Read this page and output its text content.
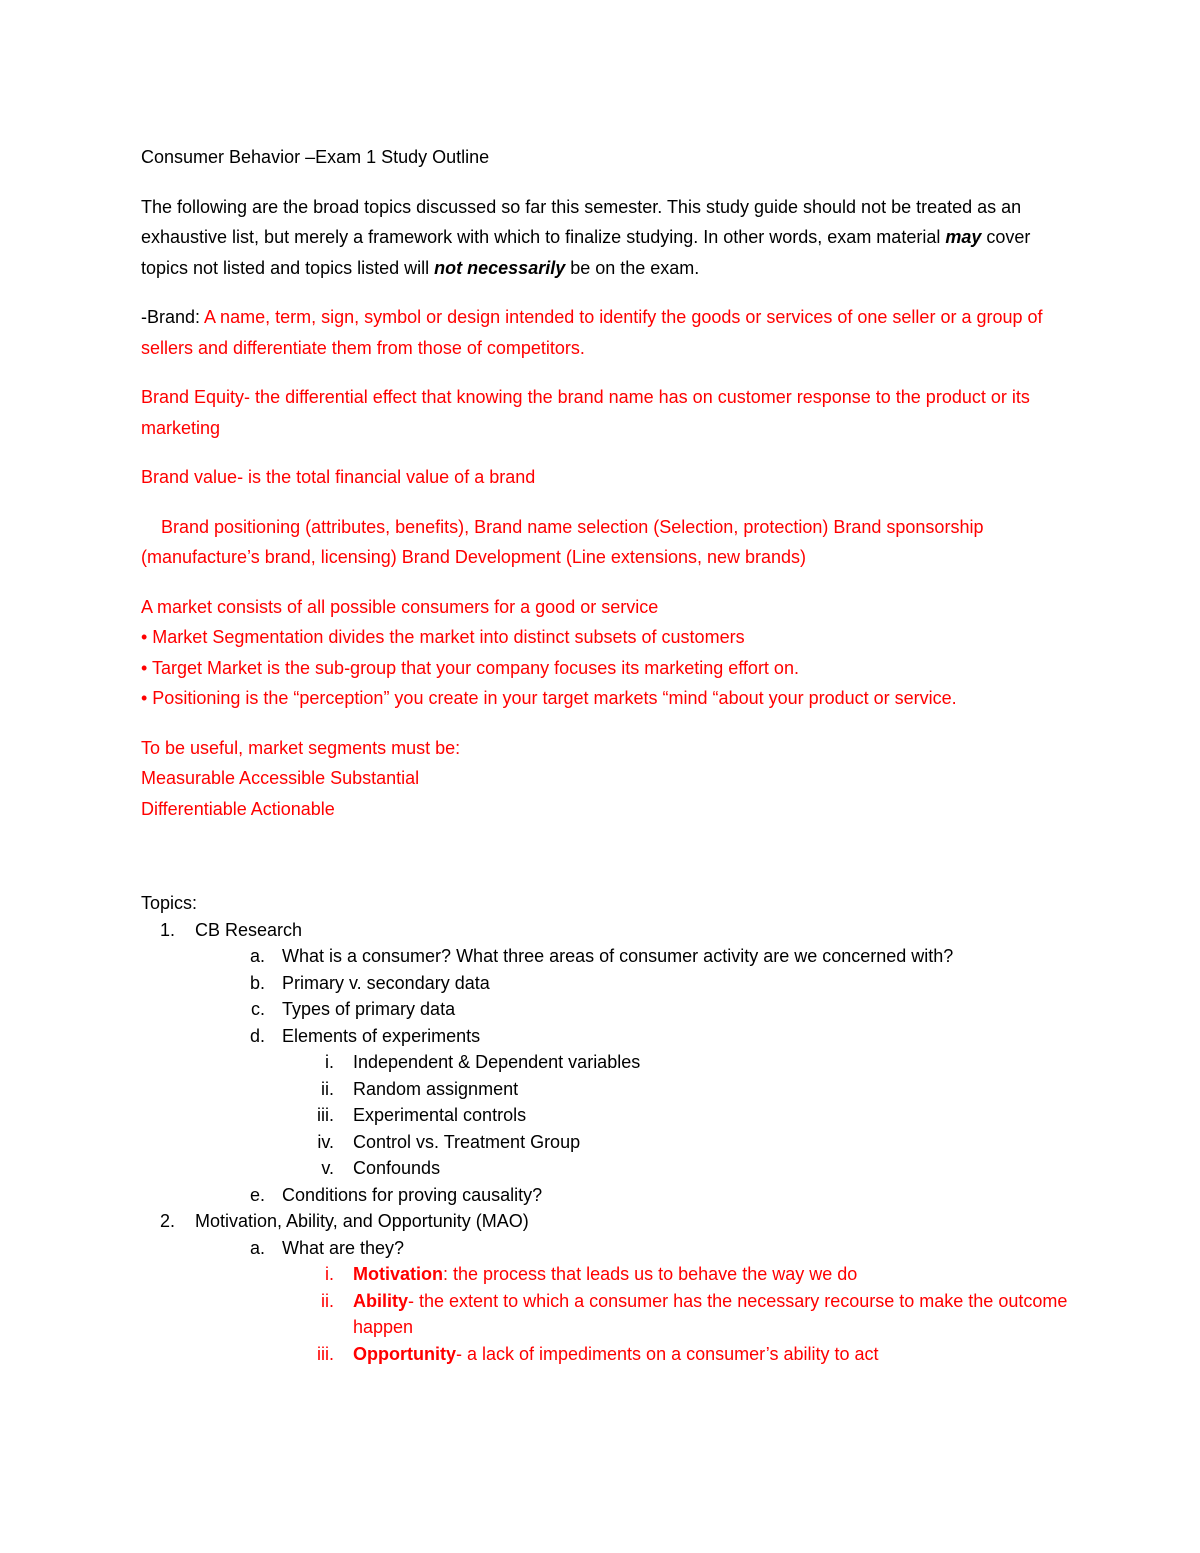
Consumer Behavior –Exam 1 Study Outline

The following are the broad topics discussed so far this semester. This study guide should not be treated as an exhaustive list, but merely a framework with which to finalize studying. In other words, exam material may cover topics not listed and topics listed will not necessarily be on the exam.

-Brand: A name, term, sign, symbol or design intended to identify the goods or services of one seller or a group of sellers and differentiate them from those of competitors.

Brand Equity- the differential effect that knowing the brand name has on customer response to the product or its marketing

Brand value- is the total financial value of a brand

Brand positioning (attributes, benefits), Brand name selection (Selection, protection) Brand sponsorship (manufacture’s brand, licensing) Brand Development (Line extensions, new brands)

A market consists of all possible consumers for a good or service

• Market Segmentation divides the market into distinct subsets of customers

• Target Market is the sub-group that your company focuses its marketing effort on.

• Positioning is the “perception” you create in your target markets “mind “about your product or service.

To be useful, market segments must be:

Measurable Accessible Substantial

Differentiable Actionable

Topics:
1. CB Research
a. What is a consumer? What three areas of consumer activity are we concerned with?
b. Primary v. secondary data
c. Types of primary data
d. Elements of experiments
i. Independent & Dependent variables
ii. Random assignment
iii. Experimental controls
iv. Control vs. Treatment Group
v. Confounds
e. Conditions for proving causality?
2. Motivation, Ability, and Opportunity (MAO)
a. What are they?
i. Motivation: the process that leads us to behave the way we do
ii. Ability- the extent to which a consumer has the necessary recourse to make the outcome happen
iii. Opportunity- a lack of impediments on a consumer’s ability to act
